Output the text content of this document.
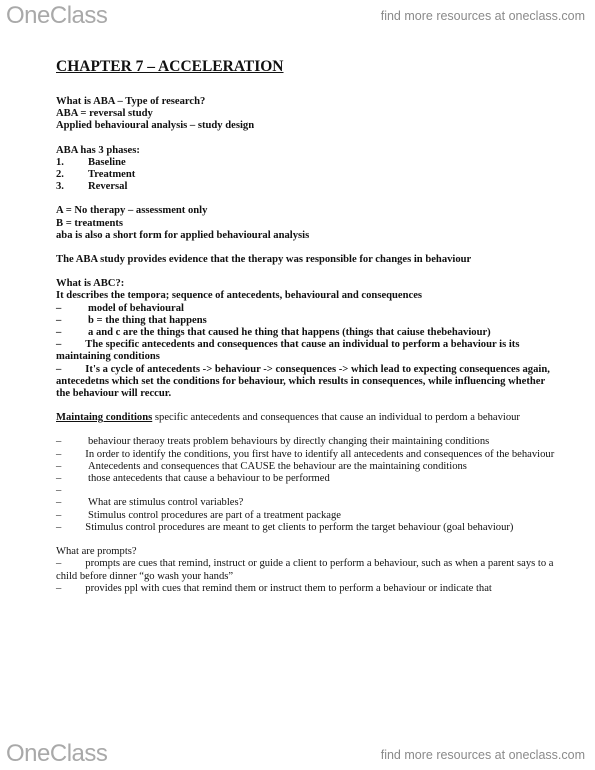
OneClass	find more resources at oneclass.com
CHAPTER 7 – ACCELERATION
What is ABA – Type of research?
ABA = reversal study
Applied behavioural analysis – study design
ABA has 3 phases:
1.	Baseline
2.	Treatment
3.	Reversal
A = No therapy – assessment only
B = treatments
aba is also a short form for applied behavioural analysis
The ABA study provides evidence that the therapy was responsible for changes in behaviour
What is ABC?:
It describes the tempora; sequence of antecedents, behavioural and consequences
–	model of behavioural
–	b = the thing that happens
–	a and c are the things that caused he thing that happens (things that caiuse thebehaviour)
– The specific antecedents and consequences that cause an individual to perform a behaviour is its maintaining conditions
– It's a cycle of antecedents -> behaviour -> consequences -> which lead to expecting consequences again, antecedetns which set the conditions for behaviour, which results in consequences, while influencing whether the behaviour will reccur.
Maintaing conditions specific antecedents and consequences that cause an individual to perdom a behaviour
–	behaviour theraoy treats problem behaviours by directly changing their maintaining conditions
– In order to identify the conditions, you first have to identify all antecedents and consequences of the behaviour
–	Antecedents and consequences that CAUSE the behaviour are the maintaining conditions
–	those antecedents that cause a behaviour to be performed
–
–	What are stimulus control variables?
–	Stimulus control procedures are part of a treatment package
– Stimulus control procedures are meant to get clients to perform the target behaviour (goal behaviour)
What are prompts?
– prompts are cues that remind, instruct or guide a client to perform a behaviour, such as when a parent says to a child before dinner “go wash your hands”
– provides ppl with cues that remind them or instruct them to perform a behaviour or indicate that
OneClass	find more resources at oneclass.com
